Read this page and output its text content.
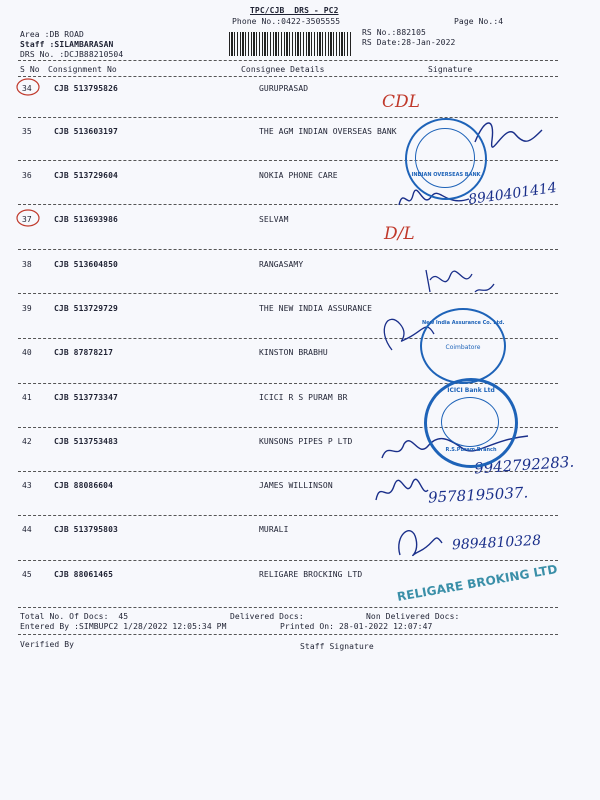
TPC/CJB  DRS - PC2
Phone No.:0422-3505555	Page No.:4
Area :DB ROAD
Staff :SILAMBARASAN
DRS No. :DCJB88210504
RS No.:882105
RS Date:28-Jan-2022
S No Consignment No	Consignee Details	Signature
34	CJB 513795826	GURUPRASAD
35	CJB 513603197	THE AGM INDIAN OVERSEAS BANK
36	CJB 513729604	NOKIA PHONE CARE
37	CJB 513693986	SELVAM
38	CJB 513604850	RANGASAMY
39	CJB 513729729	THE NEW INDIA ASSURANCE
40	CJB 87878217	KINSTON BRABHU
41	CJB 513773347	ICICI R S PURAM BR
42	CJB 513753483	KUNSONS PIPES P LTD
43	CJB 88086604	JAMES WILLINSON
44	CJB 513795803	MURALI
45	CJB 88061465	RELIGARE BROCKING LTD
CDL
D/L
8940401414
9942792283.
9578195037.
9894810328
INDIAN OVERSEAS BANK
New India Assurance Co. Ltd.
Coimbatore
ICICI Bank Ltd
R.S.Puram Branch
RELIGARE BROKING LTD
Total No. Of Docs:  45	Delivered Docs:	Non Delivered Docs:
Entered By :SIMBUPC2 1/28/2022 12:05:34 PM	Printed On: 28-01-2022 12:07:47
Verified By	Staff Signature
